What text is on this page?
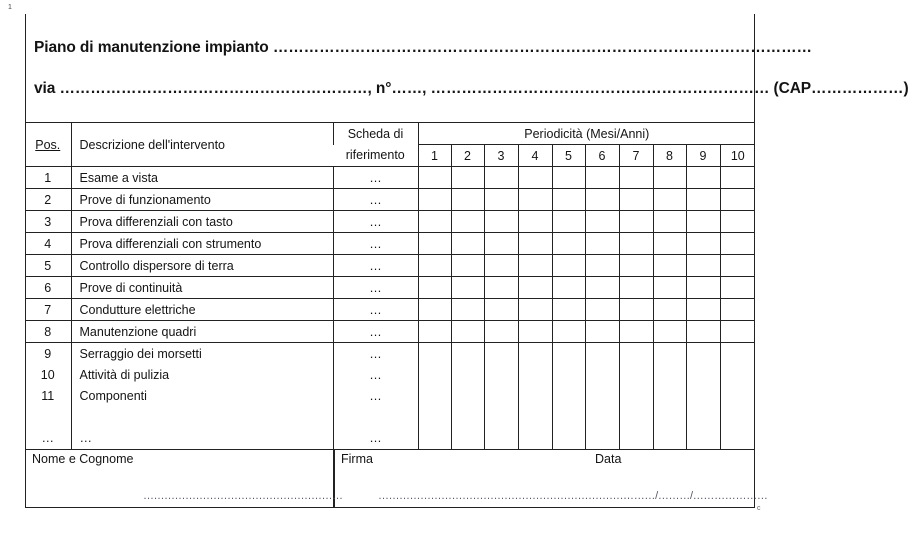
1
c
Piano di manutenzione impianto ……………………………………………………………………………………………
via ……………………………………………………, n°……, ………………………………………………………… (CAP………………)
Pos.	Descrizione dell'intervento	Scheda di	Periodicità (Mesi/Anni)									
		riferimento	1	2	3	4	5	6	7	8	9	10
1	Esame a vista	…										
2	Prove di funzionamento	…										
3	Prova differenziali con tasto	…										
4	Prova differenziali con strumento	…										
5	Controllo dispersore di terra	…										
6	Prove di continuità	…										
7	Condutture elettriche	…										
8	Manutenzione quadri	…										
9	Serraggio dei morsetti	…										
10	Attività di pulizia	…										
11	Componenti	…										

…	…	…										
Nome e Cognome	Firma	Data
…………………………………………………	………………………………………………………………
………/………/…………………
